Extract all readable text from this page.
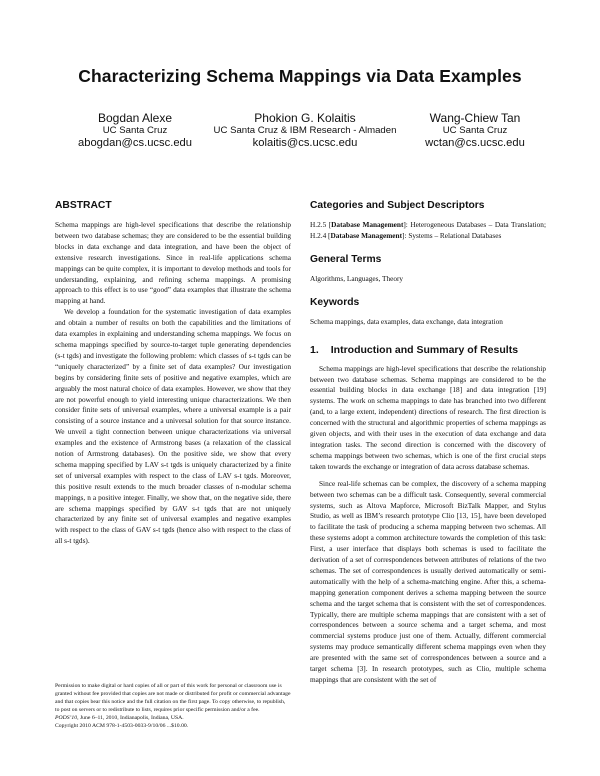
Characterizing Schema Mappings via Data Examples
Bogdan Alexe
UC Santa Cruz
abogdan@cs.ucsc.edu
Phokion G. Kolaitis
UC Santa Cruz & IBM Research - Almaden
kolaitis@cs.ucsc.edu
Wang-Chiew Tan
UC Santa Cruz
wctan@cs.ucsc.edu
ABSTRACT

Schema mappings are high-level specifications that describe the relationship between two database schemas; they are considered to be the essential building blocks in data exchange and data integration, and have been the object of extensive research investigations. Since in real-life applications schema mappings can be quite complex, it is important to develop methods and tools for understanding, explaining, and refining schema mappings. A promising approach to this effect is to use “good” data examples that illustrate the schema mapping at hand.

We develop a foundation for the systematic investigation of data examples and obtain a number of results on both the capabilities and the limitations of data examples in explaining and understanding schema mappings. We focus on schema mappings specified by source-to-target tuple generating dependencies (s-t tgds) and investigate the following problem: which classes of s-t tgds can be “uniquely characterized” by a finite set of data examples? Our investigation begins by considering finite sets of positive and negative examples, which are arguably the most natural choice of data examples. However, we show that they are not powerful enough to yield interesting unique characterizations. We then consider finite sets of universal examples, where a universal example is a pair consisting of a source instance and a universal solution for that source instance. We unveil a tight connection between unique characterizations via universal examples and the existence of Armstrong bases (a relaxation of the classical notion of Armstrong databases). On the positive side, we show that every schema mapping specified by LAV s-t tgds is uniquely characterized by a finite set of universal examples with respect to the class of LAV s-t tgds. Moreover, this positive result extends to the much broader classes of n-modular schema mappings, n a positive integer. Finally, we show that, on the negative side, there are schema mappings specified by GAV s-t tgds that are not uniquely characterized by any finite set of universal examples and negative examples with respect to the class of GAV s-t tgds (hence also with respect to the class of all s-t tgds).

Permission to make digital or hard copies of all or part of this work for personal or classroom use is granted without fee provided that copies are not made or distributed for profit or commercial advantage and that copies bear this notice and the full citation on the first page. To copy otherwise, to republish, to post on servers or to redistribute to lists, requires prior specific permission and/or a fee.

PODS’10, June 6–11, 2010, Indianapolis, Indiana, USA.

Copyright 2010 ACM 978-1-4503-0033-9/10/06 ...$10.00.

Categories and Subject Descriptors

H.2.5 [Database Management]: Heterogeneous Databases – Data Translation; H.2.4 [Database Management]: Systems – Relational Databases

General Terms

Algorithms, Languages, Theory

Keywords

Schema mappings, data examples, data exchange, data integration

1. Introduction and Summary of Results

Schema mappings are high-level specifications that describe the relationship between two database schemas. Schema mappings are considered to be the essential building blocks in data exchange [18] and data integration [19] systems. The work on schema mappings to date has branched into two different (and, to a large extent, independent) directions of research. The first direction is concerned with the structural and algorithmic properties of schema mappings as given objects, and with their uses in the execution of data exchange and data integration tasks. The second direction is concerned with the discovery of schema mappings between two schemas, which is one of the first crucial steps taken towards the exchange or integration of data across database schemas.

Since real-life schemas can be complex, the discovery of a schema mapping between two schemas can be a difficult task. Consequently, several commercial systems, such as Altova Mapforce, Microsoft BizTalk Mapper, and Stylus Studio, as well as IBM’s research prototype Clio [13, 15], have been developed to facilitate the task of producing a schema mapping between two schemas. All these systems adopt a common architecture towards the completion of this task: First, a user interface that displays both schemas is used to facilitate the derivation of a set of correspondences between attributes of relations of the two schemas. The set of correspondences is usually derived automatically or semi-automatically with the help of a schema-matching engine. After this, a schema-mapping generation component derives a schema mapping between the source schema and the target schema that is consistent with the set of correspondences. Typically, there are multiple schema mappings that are consistent with a set of correspondences between a source schema and a target schema, and most commercial systems produce just one of them. Actually, different commercial systems may produce semantically different schema mappings even when they are presented with the same set of correspondences between a source and a target schema [3]. In research prototypes, such as Clio, multiple schema mappings that are consistent with the set of
